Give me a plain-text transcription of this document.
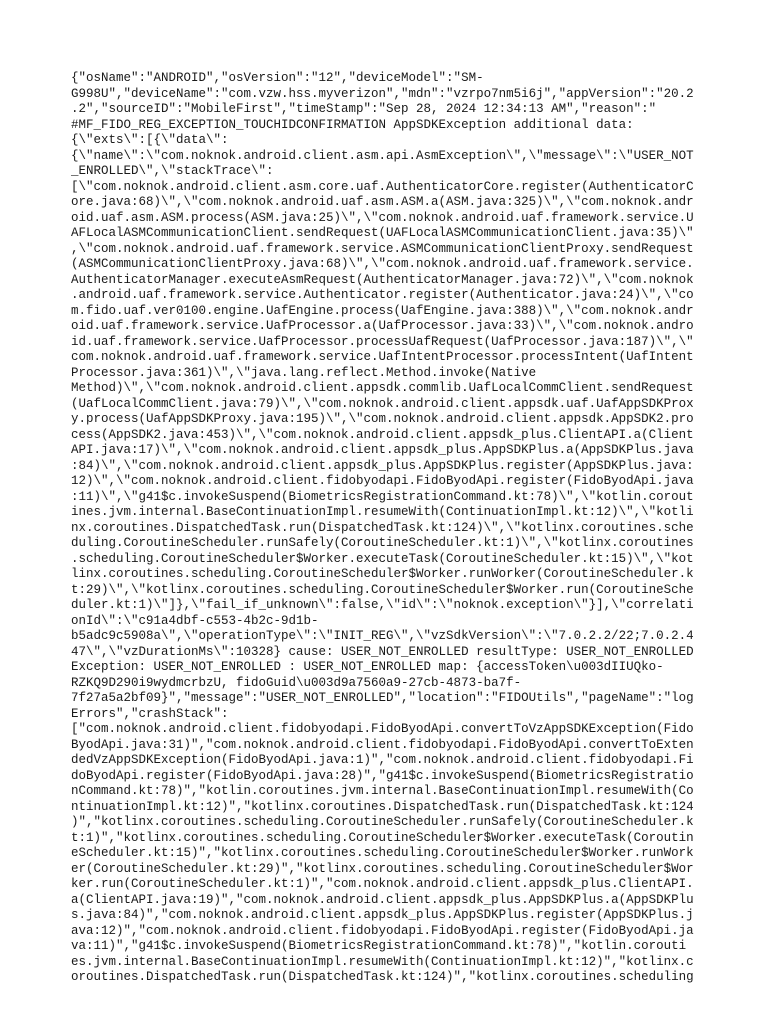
{"osName":"ANDROID","osVersion":"12","deviceModel":"SM-
G998U","deviceName":"com.vzw.hss.myverizon","mdn":"vzrpo7nm5i6j","appVersion":"20.2
.2","sourceID":"MobileFirst","timeStamp":"Sep 28, 2024 12:34:13 AM","reason":"
#MF_FIDO_REG_EXCEPTION_TOUCHIDCONFIRMATION AppSDKException additional data:
{\"exts\":[{\"data\":
{\"name\":\"com.noknok.android.client.asm.api.AsmException\",\"message\":\"USER_NOT
_ENROLLED\",\"stackTrace\":
[\"com.noknok.android.client.asm.core.uaf.AuthenticatorCore.register(AuthenticatorC
ore.java:68)\",\"com.noknok.android.uaf.asm.ASM.a(ASM.java:325)\",\"com.noknok.andr
oid.uaf.asm.ASM.process(ASM.java:25)\",\"com.noknok.android.uaf.framework.service.U
AFLocalASMCommunicationClient.sendRequest(UAFLocalASMCommunicationClient.java:35)\"
,\"com.noknok.android.uaf.framework.service.ASMCommunicationClientProxy.sendRequest
(ASMCommunicationClientProxy.java:68)\",\"com.noknok.android.uaf.framework.service.
AuthenticatorManager.executeAsmRequest(AuthenticatorManager.java:72)\",\"com.noknok
.android.uaf.framework.service.Authenticator.register(Authenticator.java:24)\",\"co
m.fido.uaf.ver0100.engine.UafEngine.process(UafEngine.java:388)\",\"com.noknok.andr
oid.uaf.framework.service.UafProcessor.a(UafProcessor.java:33)\",\"com.noknok.andro
id.uaf.framework.service.UafProcessor.processUafRequest(UafProcessor.java:187)\",\"
com.noknok.android.uaf.framework.service.UafIntentProcessor.processIntent(UafIntent
Processor.java:361)\",\"java.lang.reflect.Method.invoke(Native
Method)\",\"com.noknok.android.client.appsdk.commlib.UafLocalCommClient.sendRequest
(UafLocalCommClient.java:79)\",\"com.noknok.android.client.appsdk.uaf.UafAppSDKProx
y.process(UafAppSDKProxy.java:195)\",\"com.noknok.android.client.appsdk.AppSDK2.pro
cess(AppSDK2.java:453)\",\"com.noknok.android.client.appsdk_plus.ClientAPI.a(Client
API.java:17)\",\"com.noknok.android.client.appsdk_plus.AppSDKPlus.a(AppSDKPlus.java
:84)\",\"com.noknok.android.client.appsdk_plus.AppSDKPlus.register(AppSDKPlus.java:
12)\",\"com.noknok.android.client.fidobyodapi.FidoByodApi.register(FidoByodApi.java
:11)\",\"g41$c.invokeSuspend(BiometricsRegistrationCommand.kt:78)\",\"kotlin.corout
ines.jvm.internal.BaseContinuationImpl.resumeWith(ContinuationImpl.kt:12)\",\"kotli
nx.coroutines.DispatchedTask.run(DispatchedTask.kt:124)\",\"kotlinx.coroutines.sche
duling.CoroutineScheduler.runSafely(CoroutineScheduler.kt:1)\",\"kotlinx.coroutines
.scheduling.CoroutineScheduler$Worker.executeTask(CoroutineScheduler.kt:15)\",\"kot
linx.coroutines.scheduling.CoroutineScheduler$Worker.runWorker(CoroutineScheduler.k
t:29)\",\"kotlinx.coroutines.scheduling.CoroutineScheduler$Worker.run(CoroutineSche
duler.kt:1)\"]},\"fail_if_unknown\":false,\"id\":\"noknok.exception\"}],\"correlati
onId\":\"c91a4dbf-c553-4b2c-9d1b-
b5adc9c5908a\",\"operationType\":\"INIT_REG\",\"vzSdkVersion\":\"7.0.2.2/22;7.0.2.4
47\",\"vzDurationMs\":10328} cause: USER_NOT_ENROLLED resultType: USER_NOT_ENROLLED
Exception: USER_NOT_ENROLLED : USER_NOT_ENROLLED map: {accessToken\u003dIIUQko-
RZKQ9D290i9wydmcrbzU, fidoGuid\u003d9a7560a9-27cb-4873-ba7f-
7f27a5a2bf09}","message":"USER_NOT_ENROLLED","location":"FIDOUtils","pageName":"log
Errors","crashStack":
["com.noknok.android.client.fidobyodapi.FidoByodApi.convertToVzAppSDKException(Fido
ByodApi.java:31)","com.noknok.android.client.fidobyodapi.FidoByodApi.convertToExten
dedVzAppSDKException(FidoByodApi.java:1)","com.noknok.android.client.fidobyodapi.Fi
doByodApi.register(FidoByodApi.java:28)","g41$c.invokeSuspend(BiometricsRegistratio
nCommand.kt:78)","kotlin.coroutines.jvm.internal.BaseContinuationImpl.resumeWith(Co
ntinuationImpl.kt:12)","kotlinx.coroutines.DispatchedTask.run(DispatchedTask.kt:124
)","kotlinx.coroutines.scheduling.CoroutineScheduler.runSafely(CoroutineScheduler.k
t:1)","kotlinx.coroutines.scheduling.CoroutineScheduler$Worker.executeTask(Coroutin
eScheduler.kt:15)","kotlinx.coroutines.scheduling.CoroutineScheduler$Worker.runWork
er(CoroutineScheduler.kt:29)","kotlinx.coroutines.scheduling.CoroutineScheduler$Wor
ker.run(CoroutineScheduler.kt:1)","com.noknok.android.client.appsdk_plus.ClientAPI.
a(ClientAPI.java:19)","com.noknok.android.client.appsdk_plus.AppSDKPlus.a(AppSDKPlu
s.java:84)","com.noknok.android.client.appsdk_plus.AppSDKPlus.register(AppSDKPlus.j
ava:12)","com.noknok.android.client.fidobyodapi.FidoByodApi.register(FidoByodApi.ja
va:11)","g41$c.invokeSuspend(BiometricsRegistrationCommand.kt:78)","kotlin.corouti
es.jvm.internal.BaseContinuationImpl.resumeWith(ContinuationImpl.kt:12)","kotlinx.c
oroutines.DispatchedTask.run(DispatchedTask.kt:124)","kotlinx.coroutines.scheduling
